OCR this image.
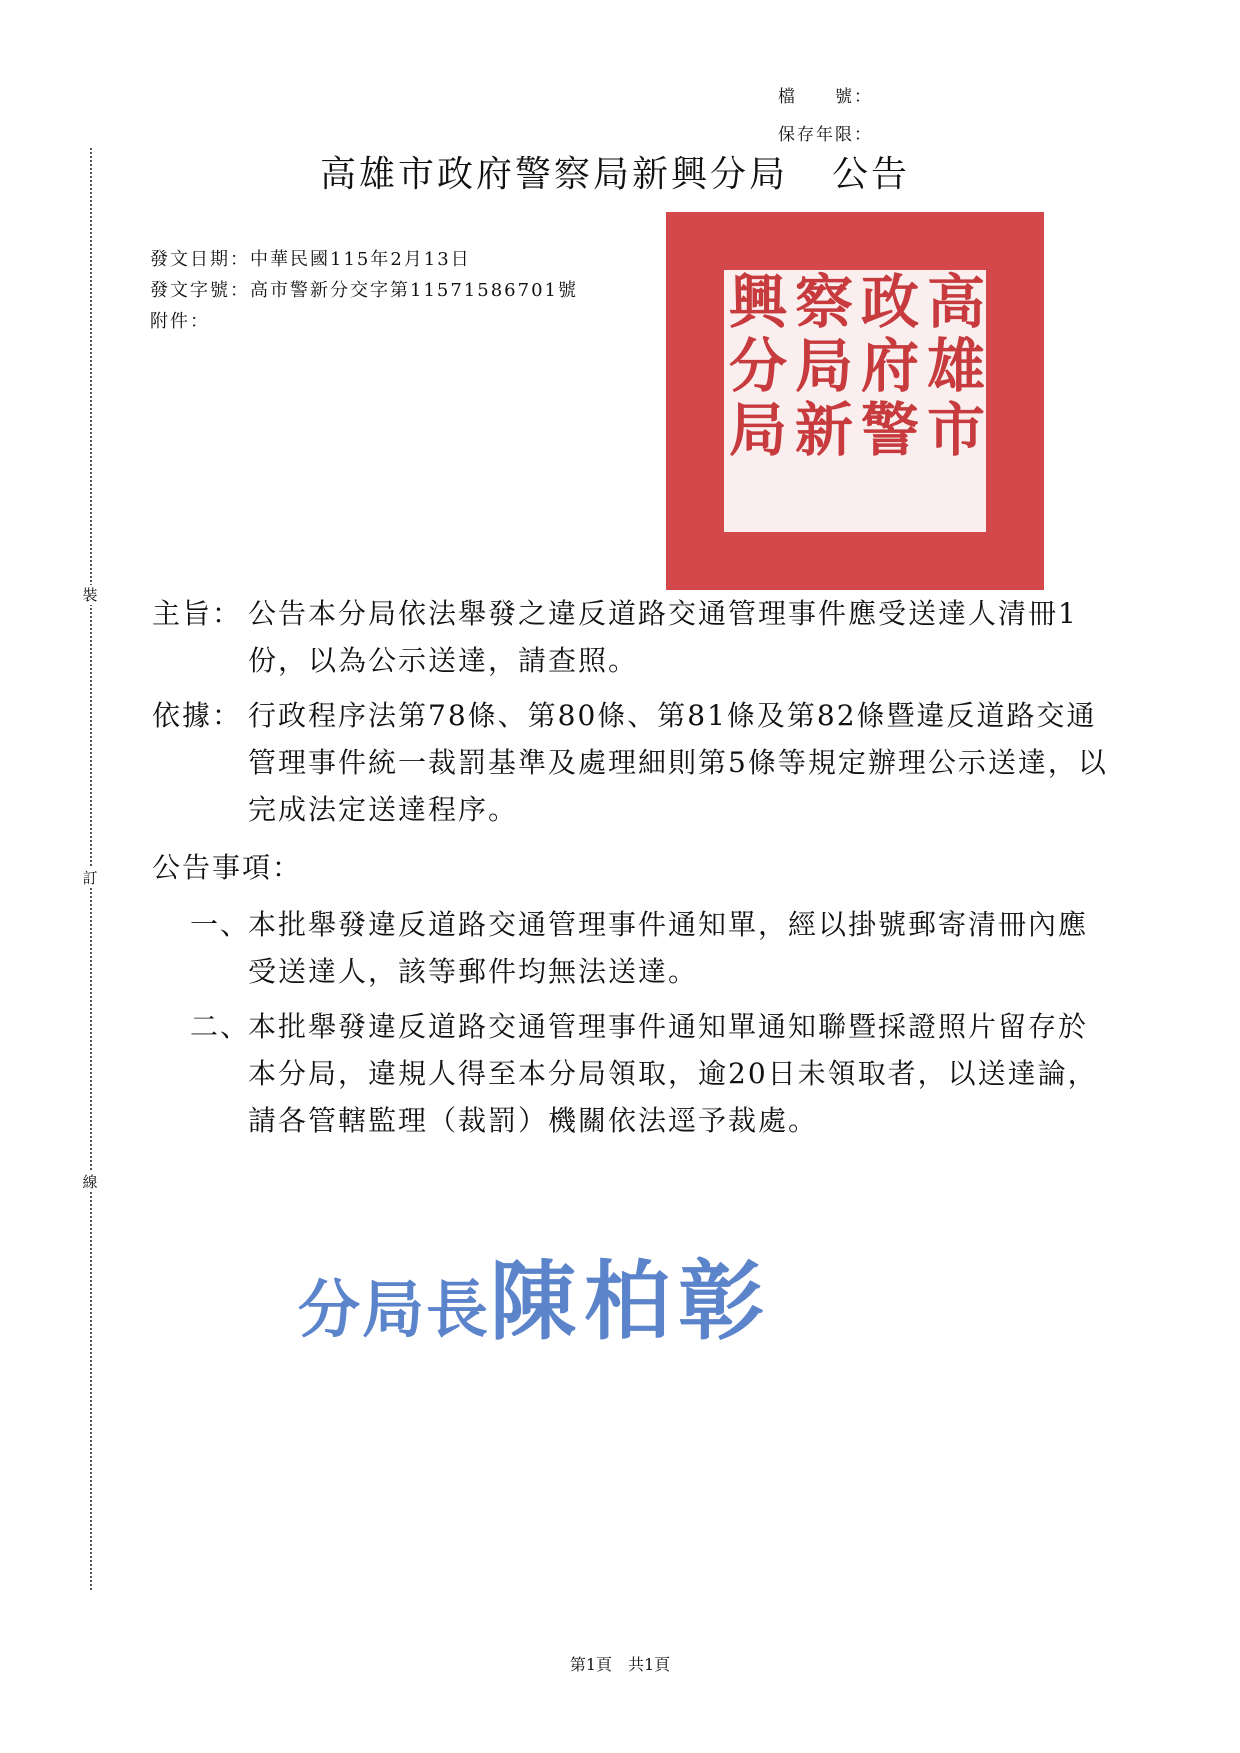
裝
訂
線
檔　　號：
保存年限：
高雄市政府警察局新興分局 公告
發文日期：中華民國115年2月13日
發文字號：高市警新分交字第11571586701號
附件：	高
雄
市
政
府
警
察
局
新
興
分
局
主旨： 公告本分局依法舉發之違反道路交通管理事件應受送達人清冊1份，以為公示送達，請查照。
依據： 行政程序法第78條、第80條、第81條及第82條暨違反道路交通管理事件統一裁罰基準及處理細則第5條等規定辦理公示送達，以完成法定送達程序。
公告事項：
一、
本批舉發違反道路交通管理事件通知單，經以掛號郵寄清冊內應受送達人，該等郵件均無法送達。
二、
本批舉發違反道路交通管理事件通知單通知聯暨採證照片留存於本分局，違規人得至本分局領取，逾20日未領取者，以送達論，請各管轄監理（裁罰）機關依法逕予裁處。
分局長陳柏彰
第1頁　共1頁
